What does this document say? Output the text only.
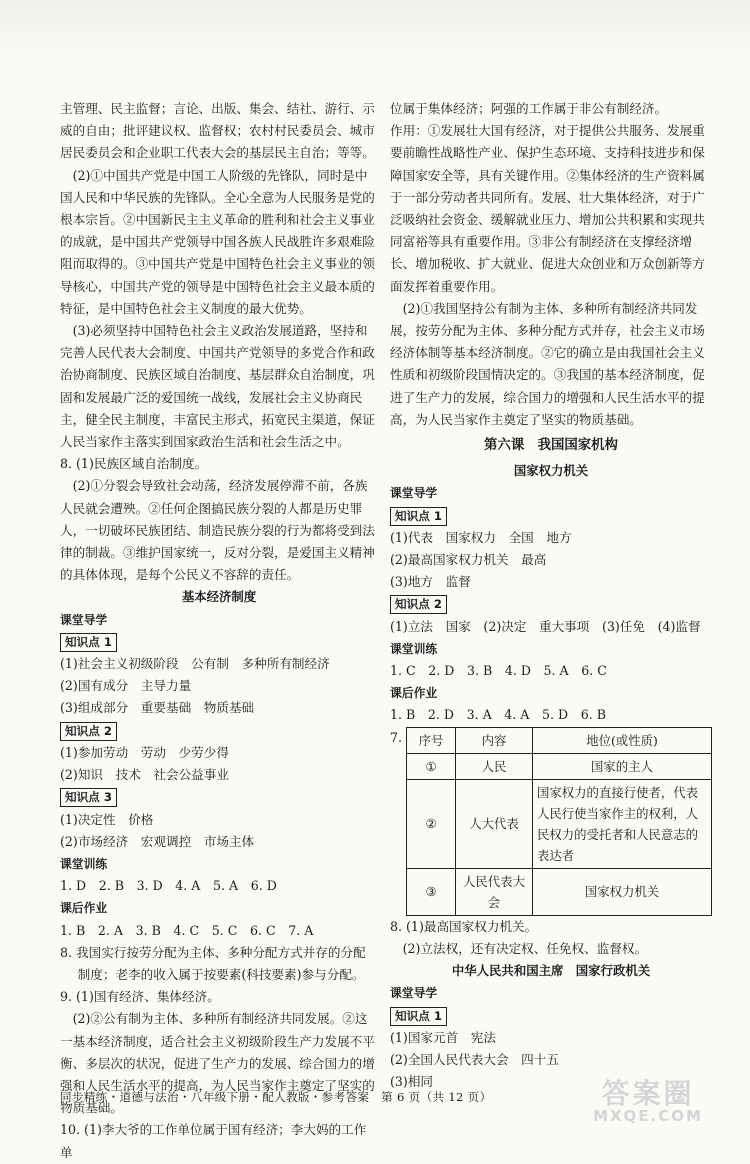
主管理、民主监督；言论、出版、集会、结社、游行、示威的自由；批评建议权、监督权；农村村民委员会、城市居民委员会和企业职工代表大会的基层民主自治；等等。

(2)①中国共产党是中国工人阶级的先锋队，同时是中国人民和中华民族的先锋队。全心全意为人民服务是党的根本宗旨。②中国新民主主义革命的胜利和社会主义事业的成就，是中国共产党领导中国各族人民战胜许多艰难险阻而取得的。③中国共产党是中国特色社会主义事业的领导核心，中国共产党的领导是中国特色社会主义最本质的特征，是中国特色社会主义制度的最大优势。

(3)必须坚持中国特色社会主义政治发展道路，坚持和完善人民代表大会制度、中国共产党领导的多党合作和政治协商制度、民族区域自治制度、基层群众自治制度，巩固和发展最广泛的爱国统一战线，发展社会主义协商民主，健全民主制度，丰富民主形式，拓宽民主渠道，保证人民当家作主落实到国家政治生活和社会生活之中。

8. (1)民族区域自治制度。

(2)①分裂会导致社会动荡，经济发展停滞不前，各族人民就会遭殃。②任何企图搞民族分裂的人都是历史罪人，一切破坏民族团结、制造民族分裂的行为都将受到法律的制裁。③维护国家统一，反对分裂，是爱国主义精神的具体体现，是每个公民义不容辞的责任。

基本经济制度

课堂导学

知识点 1

(1)社会主义初级阶段　公有制　多种所有制经济

(2)国有成分　主导力量

(3)组成部分　重要基础　物质基础

知识点 2

(1)参加劳动　劳动　少劳少得

(2)知识　技术　社会公益事业

知识点 3

(1)决定性　价格

(2)市场经济　宏观调控　市场主体

课堂训练

1. D　2. B　3. D　4. A　5. A　6. D

课后作业

1. B　2. A　3. B　4. C　5. C　6. C　7. A

8. 我国实行按劳分配为主体、多种分配方式并存的分配制度；老李的收入属于按要素(科技要素)参与分配。

9. (1)国有经济、集体经济。

(2)②公有制为主体、多种所有制经济共同发展。②这一基本经济制度，适合社会主义初级阶段生产力发展不平衡、多层次的状况，促进了生产力的发展、综合国力的增强和人民生活水平的提高，为人民当家作主奠定了坚实的物质基础。

10. (1)李大爷的工作单位属于国有经济；李大妈的工作单

位属于集体经济；阿强的工作属于非公有制经济。

作用：①发展壮大国有经济，对于提供公共服务、发展重要前瞻性战略性产业、保护生态环境、支持科技进步和保障国家安全等，具有关键作用。②集体经济的生产资料属于一部分劳动者共同所有。发展、壮大集体经济，对于广泛吸纳社会资金、缓解就业压力、增加公共积累和实现共同富裕等具有重要作用。③非公有制经济在支撑经济增长、增加税收、扩大就业、促进大众创业和万众创新等方面发挥着重要作用。

(2)①我国坚持公有制为主体、多种所有制经济共同发展，按劳分配为主体、多种分配方式并存，社会主义市场经济体制等基本经济制度。②它的确立是由我国社会主义性质和初级阶段国情决定的。③我国的基本经济制度，促进了生产力的发展，综合国力的增强和人民生活水平的提高，为人民当家作主奠定了坚实的物质基础。

第六课　我国国家机构

国家权力机关

课堂导学

知识点 1

(1)代表　国家权力　全国　地方

(2)最高国家权力机关　最高

(3)地方　监督

知识点 2

(1)立法　国家　(2)决定　重大事项　(3)任免　(4)监督

课堂训练

1. C　2. D　3. B　4. D　5. A　6. C

课后作业

1. B　2. D　3. A　4. A　5. D　6. B

7.	序号	内容	地位(或性质)
①	人民	国家的主人
②	人大代表	国家权力的直接行使者，代表人民行使当家作主的权利，人民权力的受托者和人民意志的表达者
③	人民代表大会	国家权力机关

8. (1)最高国家权力机关。

(2)立法权，还有决定权、任免权、监督权。

中华人民共和国主席　国家行政机关

课堂导学

知识点 1

(1)国家元首　宪法

(2)全国人民代表大会　四十五

(3)相同

同步精练・道德与法治・八年级下册・配人教版・参考答案　第 6 页（共 12 页）	答案圈
MXQE.COM
